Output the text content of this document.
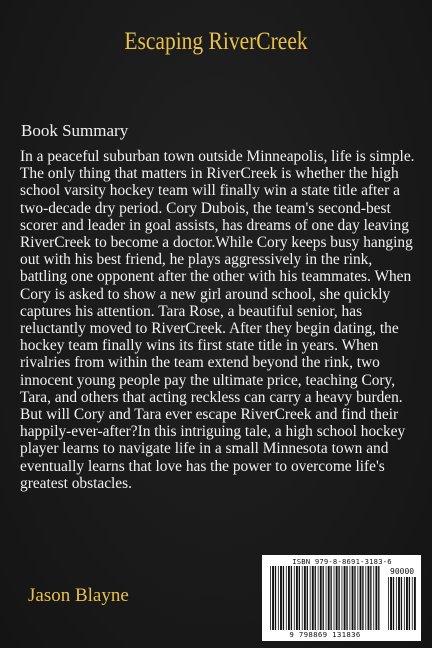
Escaping RiverCreek
Book Summary

In a peaceful suburban town outside Minneapolis, life is simple. The only thing that matters in RiverCreek is whether the high school varsity hockey team will finally win a state title after a two-decade dry period. Cory Dubois, the team's second-best scorer and leader in goal assists, has dreams of one day leaving RiverCreek to become a doctor.While Cory keeps busy hanging out with his best friend, he plays aggressively in the rink, battling one opponent after the other with his teammates. When Cory is asked to show a new girl around school, she quickly captures his attention. Tara Rose, a beautiful senior, has reluctantly moved to RiverCreek. After they begin dating, the hockey team finally wins its first state title in years. When rivalries from within the team extend beyond the rink, two innocent young people pay the ultimate price, teaching Cory, Tara, and others that acting reckless can carry a heavy burden. But will Cory and Tara ever escape RiverCreek and find their happily-ever-after?In this intriguing tale, a high school hockey player learns to navigate life in a small Minnesota town and eventually learns that love has the power to overcome life's greatest obstacles.

Jason Blayne
ISBN 979-8-8691-3183-6
90000
9 798869 131836
